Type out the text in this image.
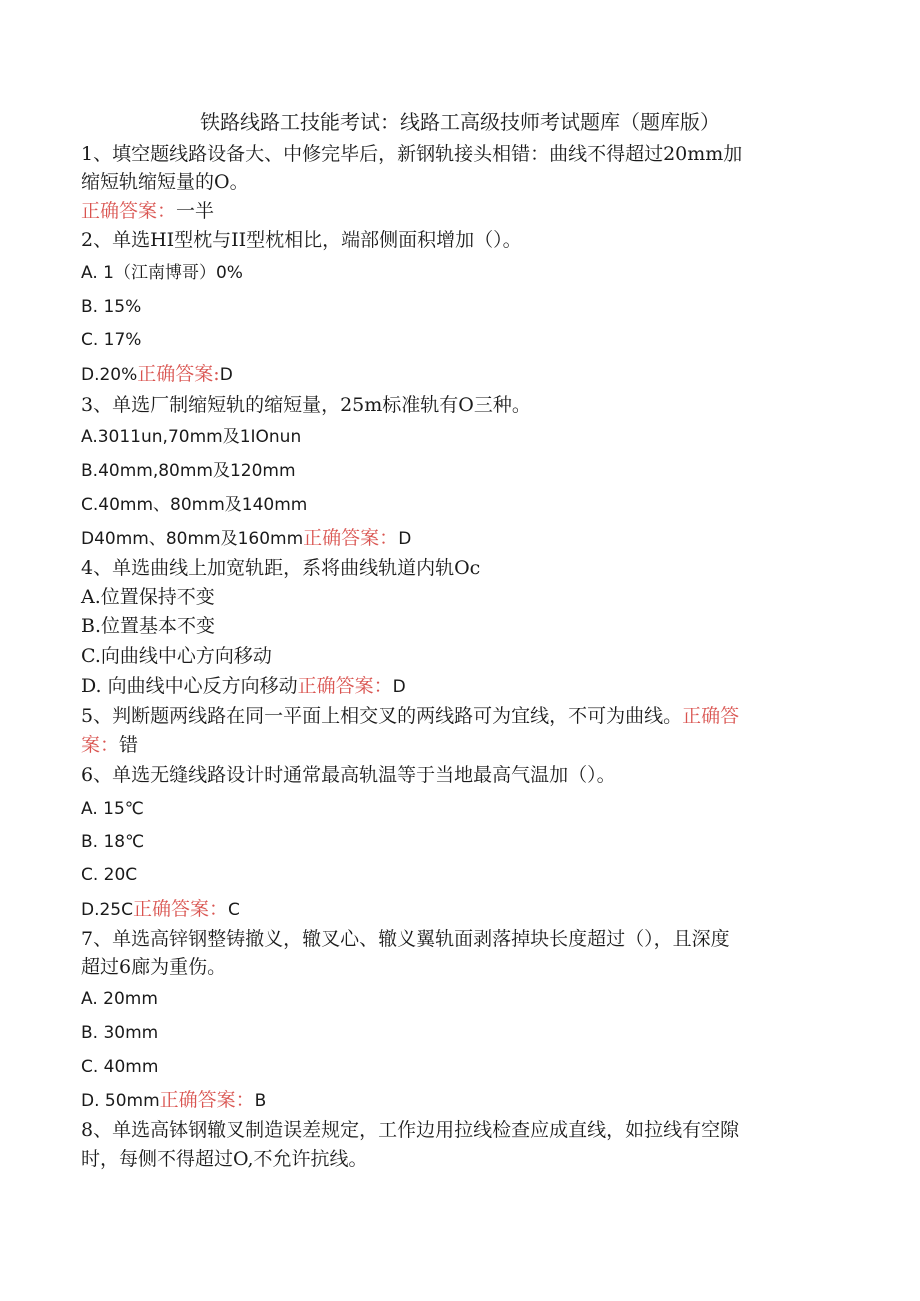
铁路线路工技能考试：线路工高级技师考试题库（题库版）
1、填空题线路设备大、中修完毕后，新钢轨接头相错：曲线不得超过20mm加
缩短轨缩短量的O。
正确答案：一半
2、单选HI型枕与II型枕相比，端部侧面积增加（）。
A. 1（江南博哥）0%
B. 15%
C. 17%
D.20%正确答案:D
3、单选厂制缩短轨的缩短量，25m标准轨有O三种。
A.3011un,70mm及1IOnun
B.40mm,80mm及120mm
C.40mm、80mm及140mm
D40mm、80mm及160mm正确答案：D
4、单选曲线上加宽轨距，系将曲线轨道内轨Oc
A.位置保持不变
B.位置基本不变
C.向曲线中心方向移动
D. 向曲线中心反方向移动正确答案：D
5、判断题两线路在同一平面上相交叉的两线路可为宜线，不可为曲线。正确答
案：错
6、单选无缝线路设计时通常最高轨温等于当地最高气温加（）。
A. 15℃
B. 18℃
C. 20C
D.25C正确答案：C
7、单选高锌钢整铸撤义，辙叉心、辙义翼轨面剥落掉块长度超过（），且深度
超过6廊为重伤。
A. 20mm
B. 30mm
C. 40mm
D. 50mm正确答案：B
8、单选高钵钢辙叉制造误差规定，工作边用拉线检查应成直线，如拉线有空隙
时，每侧不得超过O,不允许抗线。
